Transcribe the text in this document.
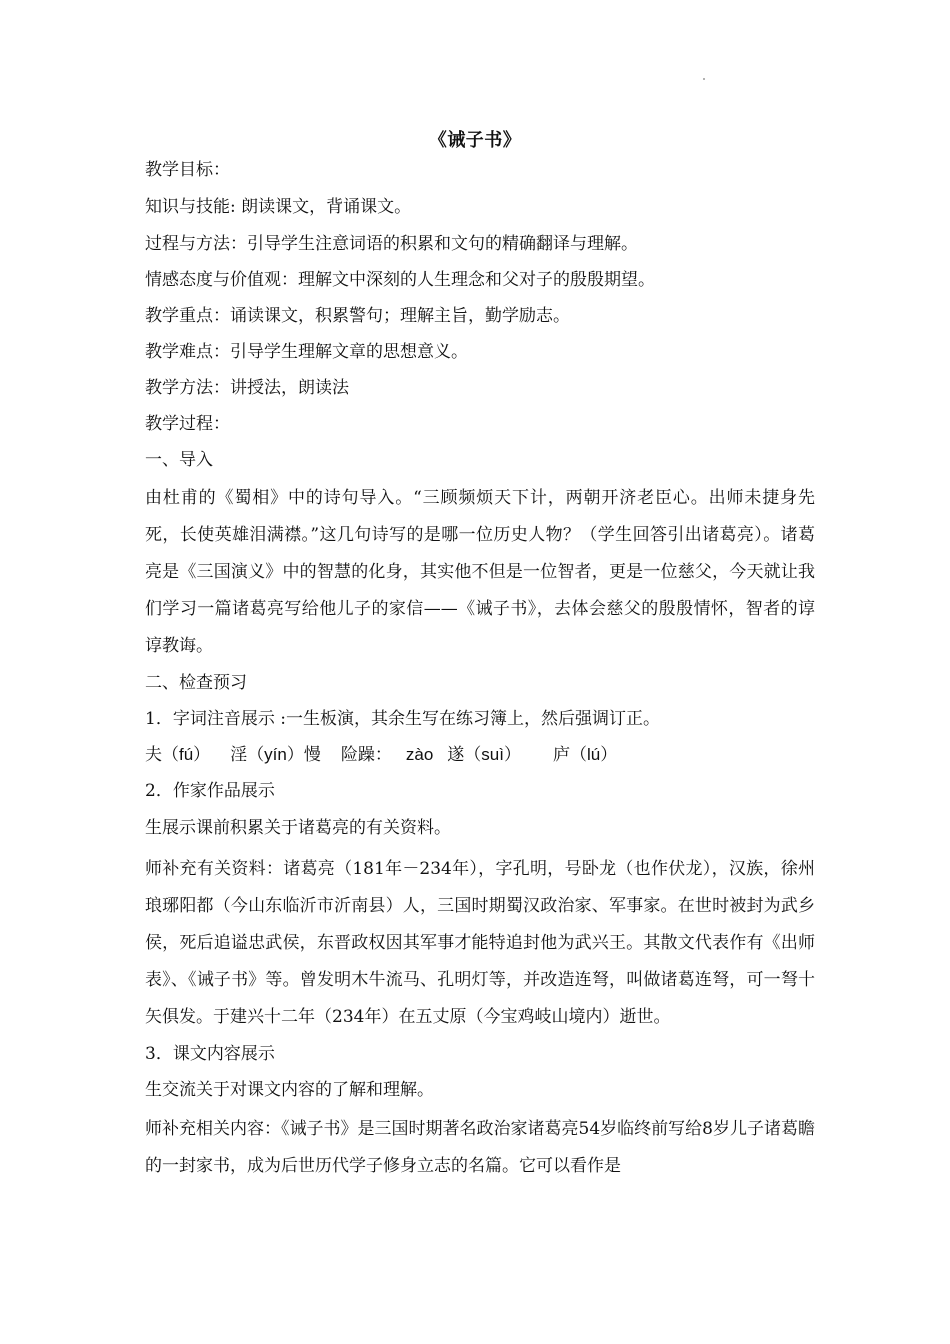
《诫子书》
教学目标：
知识与技能: 朗读课文，背诵课文。
过程与方法：引导学生注意词语的积累和文句的精确翻译与理解。
情感态度与价值观：理解文中深刻的人生理念和父对子的殷殷期望。
教学重点：诵读课文，积累警句；理解主旨，勤学励志。
教学难点：引导学生理解文章的思想意义。
教学方法：讲授法，朗读法
教学过程：
一、导入
由杜甫的《蜀相》中的诗句导入。“三顾频烦天下计，两朝开济老臣心。出师未捷身先死，长使英雄泪满襟。”这几句诗写的是哪一位历史人物？（学生回答引出诸葛亮）。诸葛亮是《三国演义》中的智慧的化身，其实他不但是一位智者，更是一位慈父，今天就让我们学习一篇诸葛亮写给他儿子的家信——《诫子书》，去体会慈父的殷殷情怀，智者的谆谆教诲。
二、检查预习
1．字词注音展示 :一生板演，其余生写在练习簿上，然后强调订正。
夫（fú） 淫（yín）慢 险躁： zào 遂（suì） 庐（lú）
2．作家作品展示
生展示课前积累关于诸葛亮的有关资料。
师补充有关资料：诸葛亮（181年－234年），字孔明，号卧龙（也作伏龙），汉族，徐州琅琊阳都（今山东临沂市沂南县）人，三国时期蜀汉政治家、军事家。在世时被封为武乡侯，死后追谥忠武侯，东晋政权因其军事才能特追封他为武兴王。其散文代表作有《出师表》、《诫子书》等。曾发明木牛流马、孔明灯等，并改造连弩，叫做诸葛连弩，可一弩十矢俱发。于建兴十二年（234年）在五丈原（今宝鸡岐山境内）逝世。
3．课文内容展示
生交流关于对课文内容的了解和理解。
师补充相关内容：《诫子书》是三国时期著名政治家诸葛亮54岁临终前写给8岁儿子诸葛瞻的一封家书，成为后世历代学子修身立志的名篇。它可以看作是
